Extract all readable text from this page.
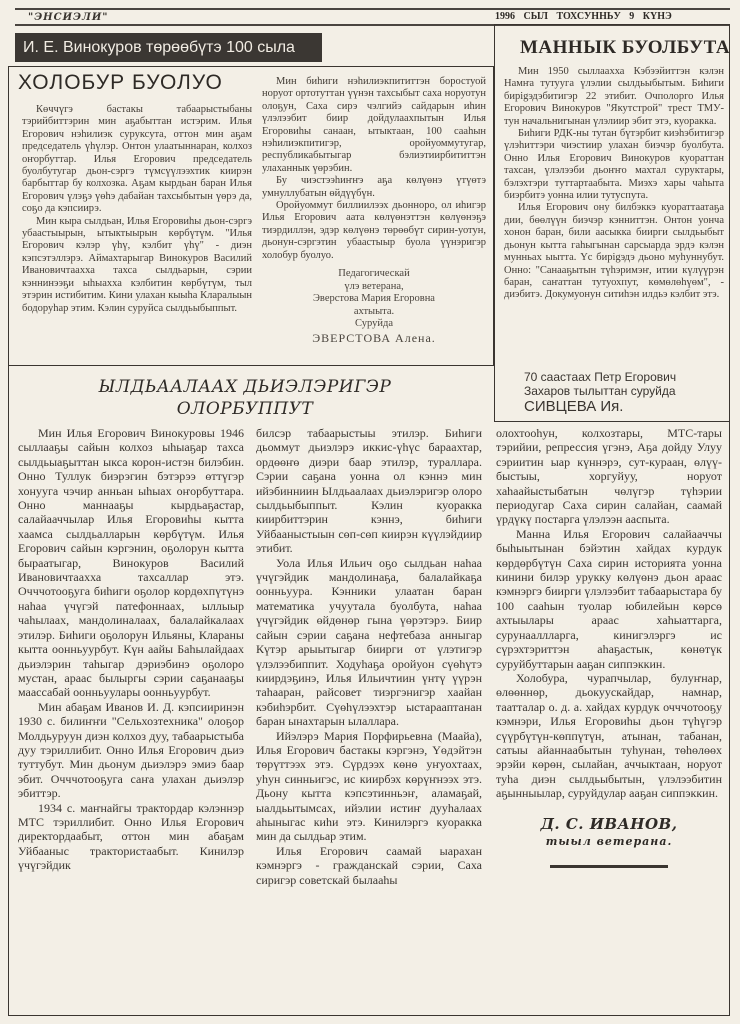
"ЭНСИЭЛИ"	1996 СЫЛ ТОХСУННЬУ 9 КҮНЭ
И. Е. Винокуров төрөөбүтэ 100 сыла
ХОЛОБУР БУОЛУО

Көччүгэ бастакы табаарыстыбаны тэрийбиттэрин мин аҕабыттан истэрим. Илья Егорович нэһилиэк суруксута, оттон мин аҕам председатель үһүлэр. Онтон улаатыннаран, колхоз оҥорбуттар. Илья Егорович председатель буолбутугар дьон-сэргэ түмсүүлээхтик киирэн барбыттар бу колхозка. Аҕам кырдьан баран Илья Егорович үлэҕэ үөһэ дабайан тахсыбытын үөрэ да, соҕо да кэпсиирэ.

Мин кыра сылдьан, Илья Егоровиһы дьон-сэргэ убаастыырын, ытыктыырын көрбүтүм. "Илья Егорович кэлэр үһү, кэлбит үһү" - диэн кэпсэтэллэрэ. Аймахтарыгар Винокуров Василий Ивановичтаахха тахса сылдьарын, сэрии кэннинээҕи ыһыахха кэлбитин көрбүтүм, тыл этэрин истибитим. Кини улахан кыыһа Кларалыын бодоруһар этим. Кэлин суруйса сылдьыбыппыт.

Мин биһиги нэһилиэкпититтэн боростуой норуот ортотуттан үүнэн тахсыбыт саха норуотун олоҕун, Саха сирэ чэлгийэ сайдарын иһин үлэлээбит биир дойдулаахпытын Илья Егоровиһы санаан, ытыктаан, 100 сааһын нэһилиэкпитигэр, оройуоммутугар, республикабытыгар бэлиэтиирбититтэн улаханнык үөрэбин.

Бу чиэстээһиҥҥэ аҕа көлүөнэ үтүөтэ умнуллубатын өйдүүбүн.

Оройуоммут биллиилээх дьонноро, ол иһигэр Илья Егорович аата көлүөнэттэн көлүөнэҕэ тиэрдиллэн, эдэр көлүөнэ төрөөбүт сирин-уотун, дьонун-сэргэтин убаастыыр буола үүнэригэр холобур буолуо.

Педагогическай
үлэ ветерана,
Эверстова Мария Егоровна
ахтыыта.
Суруйда
ЭВЕРСТОВА Алена.
МАННЫК БУОЛБУТА

Мин 1950 сыллаахха Кэбээйиттэн кэлэн Намҥа тутууга үлэлии сылдьыбытым. Биһиги бирigэдэбитигэр 22 этибит. Очполорго Илья Егорович Винокуров "Якутстрой" трест ТМУ-тун начальнигынан үлэлиир эбит этэ, куоракка.

Биһиги РДК-ны тутан бүтэрбит киэһэбитигэр үлэһиттэри чиэстиир улахан биэчэр буолбута. Онно Илья Егорович Винокуров куораттан тахсан, үлэлээби дьоҥҥо махтал суруктары, бэлэхтэри туттартаабыта. Миэхэ хары чаһыта биэрбитэ уонна илии тутуспута.

Илья Егорович ону билбэккэ куораттаатаҕа дии, бөөлүүн биэчэр кэнниттэн. Онтон уончa хонон баран, били аасыкка биирги сылдьыбыт дьонун кытта гаһыгынан сарсыарда эрдэ кэлэн мунньах ыытта. Үс бирigэдэ дьоно муһуннубут. Онно: "Санааҕытын түһэримэҥ, итии күлүүрэн баран, саҥаттан тутуохпут, көмөлөһүөм", - диэбитэ. Докумуонун ситиһэн илдьэ кэлбит этэ.

70 сaастaах Петр Егорович
Захаров тылыттан суруйда
СИВЦЕВА Ия.
ЫЛДЬААЛААХ ДЬИЭЛЭРИГЭР
ОЛОРБУППУТ

Мин Илья Егорович Винокуровы 1946 сыллааҕы сайын колхоз ыһыаҕар тахса сылдьыаҕыттан ыкса корон-истэн билэбин. Онно Туллук биэрэгин бэтэрээ өттүгэр хонууга чэчир анньан ыһыах оҥорбуттара. Онно маннааҕы кырдьаҕастар, салайааччылар Илья Егоровиһы кытта хаамса сылдьалларын көрбүтүм. Илья Егорович сайын кэргэнин, оҕолорун кытта быраатыгар, Винокуров Василий Ивановичтаахха тахсаллар этэ. Очччотооҕуга биһиги оҕолор кордөхпүтүнэ наһаа үчүгэй патефоннаах, ыллыыр чаһылаах, мандолиналаах, балалайкалаах этилэр. Биһиги оҕолорун Ильяны, Клараны кытта оонньуурбут. Күн аайы Баһылайдаах дьиэлэрин таһыгар дэриэбинэ оҕолоро мустан, араас былыргы сэрии саҕанааҕы маассабай оонньуулары оонньуурбут.

Мин абаҕам Иванов И. Д. кэпсииринэн 1930 с. билиҥҥи "Сельхозтехника" олоҕор Молдьуруун диэн колхоз дуу, табаарыстыба дуу тэриллибит. Онно Илья Егорович дьиэ туттубут. Мин дьонум дьиэлэрэ эмиэ баар эбит. Очччотооҕуга саҥа улахан дьиэлэр эбиттэр.

1934 с. маҥнайгы трактордар кэлэннэр МТС тэриллибит. Онно Илья Егорович директордаабыт, оттон мин абаҕам Уйбааныс трактористаабыт. Кинилэр үчүгэйдик

билсэр табаарыстыы этилэр. Биһиги дьоммут дьиэлэрэ иккис-үһүс бараахтар, ордөөҥө диэри баар этилэр, тураллара. Сэрии саҕана уонна ол кэннэ мин ийэбинниин Ылдьаалаах дьиэлэригэр олоро сылдьыбыппыт. Кэлин куоракка киирбиттэрин кэннэ, биһиги Уйбааныстыын сөп-сөп киирэн күүлэйдиир этибит.

Уола Илья Ильич оҕо сылдьан наһаа үчүгэйдик мандолинаҕа, балалайкаҕа оонньуура. Кэнники улаатан баран математика учуутала буолбута, наһаа үчүгэйдик өйдөнөр гына үөрэтэрэ. Биир сайын сэрии саҕана нефтебаза анныгар Күтэр арыытыгар биирги от үлэтигэр үлэлээбиппит. Ходуһаҕа оройуон сүөһүтэ киирдэҕинэ, Илья Ильичтиин үнтү үүрэн таһааран, райсовет тиэргэнигэр хаайан кэбиһэрбит. Сүөһүлээхтэр ыстарааптанан баран ынахтарын ылаллара.

Ийэлэрэ Мария Порфирьевна (Маайа), Илья Егорович бастакы кэргэнэ, Үөдэйтэн төрүттээх этэ. Сүрдээх көнө уҥуохтаах, уһун синньигэс, ис киирбэх көрүҥнээх этэ. Дьону кытта кэпсэтинньэҥ, аламаҕай, ыалдьытымсах, ийэлии истиҥ дууһалаах аһыныгас киһи этэ. Кинилэргэ куоракка мин да сылдьар этим.

Илья Егорович саамай ыарахан кэмнэргэ - гражданскай сэрии, Саха сиригэр советскай былааһы

олохтооһун, колхозтары, МТС-тары тэрийии, репрессия үгэнэ, Аҕа дойду Улуу сэриитин ыар күннэрэ, сут-кураан, өлүү-быстыы, хоргуйуу, норуот хаһаайыстыбатын чөлүгэр түһэрии периодугар Саха сирин салайан, саамай үрдүкү постарга үлэлээн ааспыта.

Манна Илья Егорович салайааччы быһыытынан бэйэтин хайдах курдук көрдөрбүтүн Саха сирин историята уонна кинини билэр урукку көлүөнэ дьон араас кэмнэргэ биирги үлэлээбит табаарыстара бу 100 сааһын туолар юбилейын көрсө ахтыылары араас хаһыаттарга, сурунааллларга, кинигэлэргэ ис сүрэхтэриттэн аһаҕастык, көнөтүк суруйбуттарын ааҕан сиппэккин.

Холобура, чурапчылар, булуҥнар, өлөөннөр, дьокуускайдар, намнар, таатталар о. д. а. хайдах курдук очччотооҕу кэмнэри, Илья Егоровиһы дьон түһүгэр сүүрбүтүн-көппүтүн, атынан, табанан, сатыы айаннаабытын туһунан, төһөлөөх эрэйи көрөн, сылайан, аччыктаан, норуот туһа диэн сылдьыбытын, үлэлээбитин аҕынныылар, суруйдулар ааҕан сиппэккин.

Д. С. ИВАНОВ,
тыыл ветерана.
